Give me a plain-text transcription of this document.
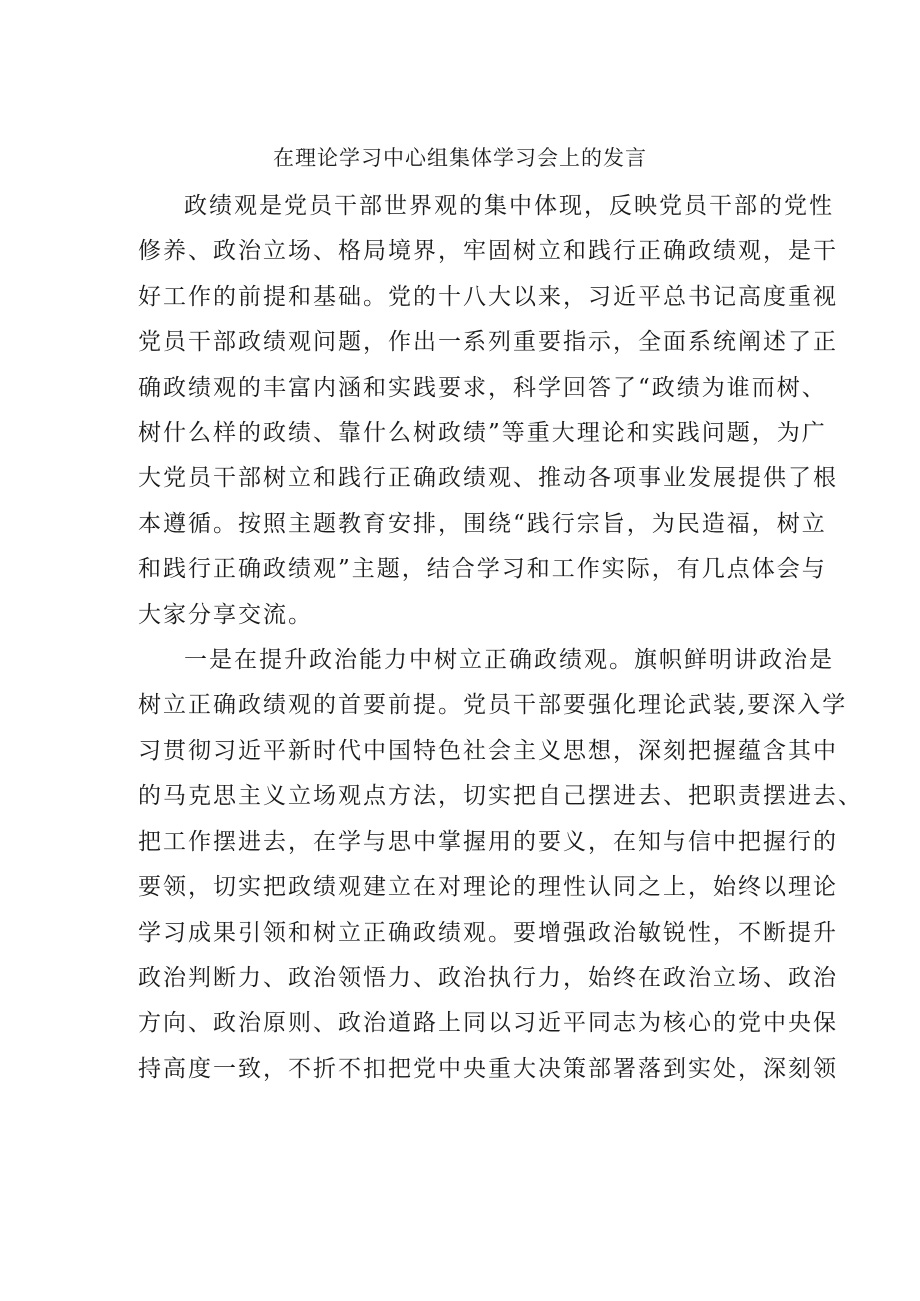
在理论学习中心组集体学习会上的发言
政绩观是党员干部世界观的集中体现，反映党员干部的党性
修养、政治立场、格局境界，牢固树立和践行正确政绩观，是干
好工作的前提和基础。党的十八大以来，习近平总书记高度重视
党员干部政绩观问题，作出一系列重要指示，全面系统阐述了正
确政绩观的丰富内涵和实践要求，科学回答了“政绩为谁而树、
树什么样的政绩、靠什么树政绩”等重大理论和实践问题，为广
大党员干部树立和践行正确政绩观、推动各项事业发展提供了根
本遵循。按照主题教育安排，围绕“践行宗旨，为民造福，树立
和践行正确政绩观”主题，结合学习和工作实际，有几点体会与
大家分享交流。
一是在提升政治能力中树立正确政绩观。旗帜鲜明讲政治是
树立正确政绩观的首要前提。党员干部要强化理论武装,要深入学
习贯彻习近平新时代中国特色社会主义思想，深刻把握蕴含其中
的马克思主义立场观点方法，切实把自己摆进去、把职责摆进去、
把工作摆进去，在学与思中掌握用的要义，在知与信中把握行的
要领，切实把政绩观建立在对理论的理性认同之上，始终以理论
学习成果引领和树立正确政绩观。要增强政治敏锐性，不断提升
政治判断力、政治领悟力、政治执行力，始终在政治立场、政治
方向、政治原则、政治道路上同以习近平同志为核心的党中央保
持高度一致，不折不扣把党中央重大决策部署落到实处，深刻领
